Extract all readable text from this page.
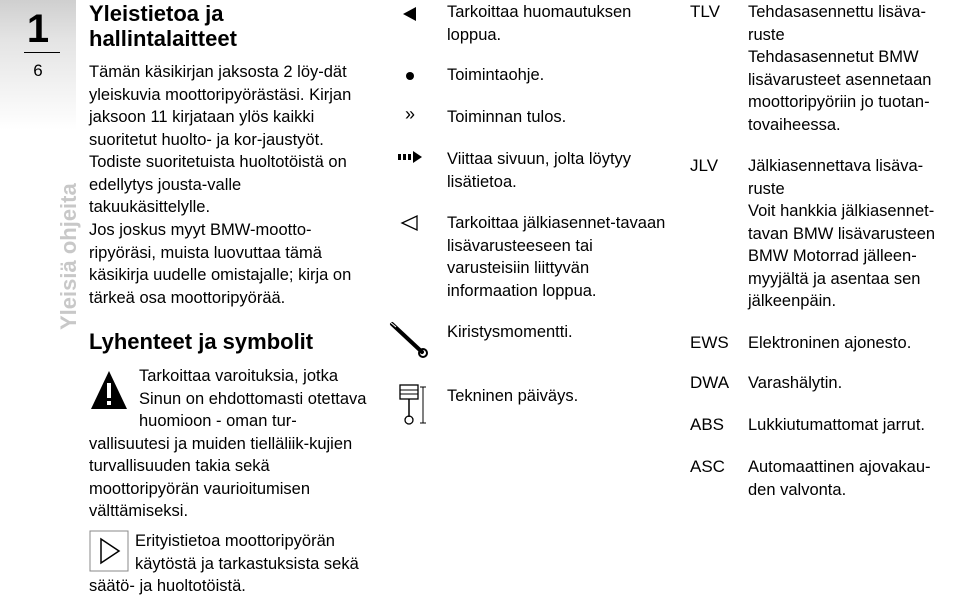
1
6
Yleisiä ohjeita
Yleistietoa ja hallintalaitteet

Tämän käsikirjan jaksosta 2 löy-dät yleiskuvia moottoripyörästäsi. Kirjan jaksoon 11 kirjataan ylös kaikki suoritetut huolto- ja kor-jaustyöt. Todiste suoritetuista huoltotöistä on edellytys jousta-valle takuukäsittelylle.

Jos joskus myyt BMW-mootto-ripyöräsi, muista luovuttaa tämä käsikirja uudelle omistajalle; kirja on tärkeä osa moottoripyörää.

Lyhenteet ja symbolit

Tarkoittaa varoituksia, jotka Sinun on ehdottomasti otettava huomioon - oman tur-vallisuutesi ja muiden tielläliik-kujien turvallisuuden takia sekä moottoripyörän vaurioitumisen välttämiseksi.

Erityistietoa moottoripyörän käytöstä ja tarkastuksista sekä säätö- ja huoltotöistä.

Tarkoittaa huomautuksen loppua.
Toimintaohje.
»	Toiminnan tulos.
Viittaa sivuun, jolta löytyy lisätietoa.
Tarkoittaa jälkiasennet-tavaan lisävarusteeseen tai varusteisiin liittyvän informaation loppua.
Kiristysmomentti.
Tekninen päiväys.
TLV	Tehdasasennettu lisäva-ruste

Tehdasasennetut BMW lisävarusteet asennetaan moottoripyöriin jo tuotan-tovaiheessa.

JLV	Jälkiasennettava lisäva-ruste

Voit hankkia jälkiasennet-tavan BMW lisävarusteen BMW Motorrad jälleen-myyjältä ja asentaa sen jälkeenpäin.

EWS	Elektroninen ajonesto.

DWA	Varashälytin.

ABS	Lukkiutumattomat jarrut.

ASC	Automaattinen ajovakau-den valvonta.
